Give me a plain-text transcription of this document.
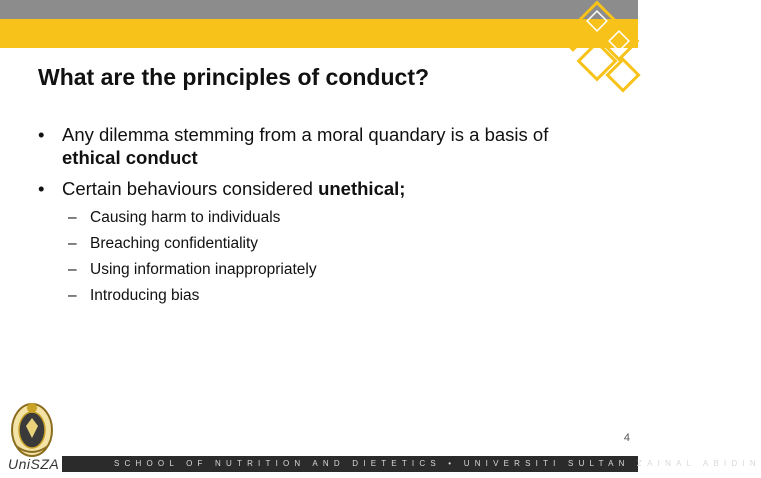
What are the principles of conduct?
• Any dilemma stemming from a moral quandary is a basis of ethical conduct
• Certain behaviours considered unethical;
– Causing harm to individuals
– Breaching confidentiality
– Using information inappropriately
– Introducing bias
4
UniSZA	SCHOOL OF NUTRITION AND DIETETICS • UNIVERSITI SULTAN ZAINAL ABIDIN
